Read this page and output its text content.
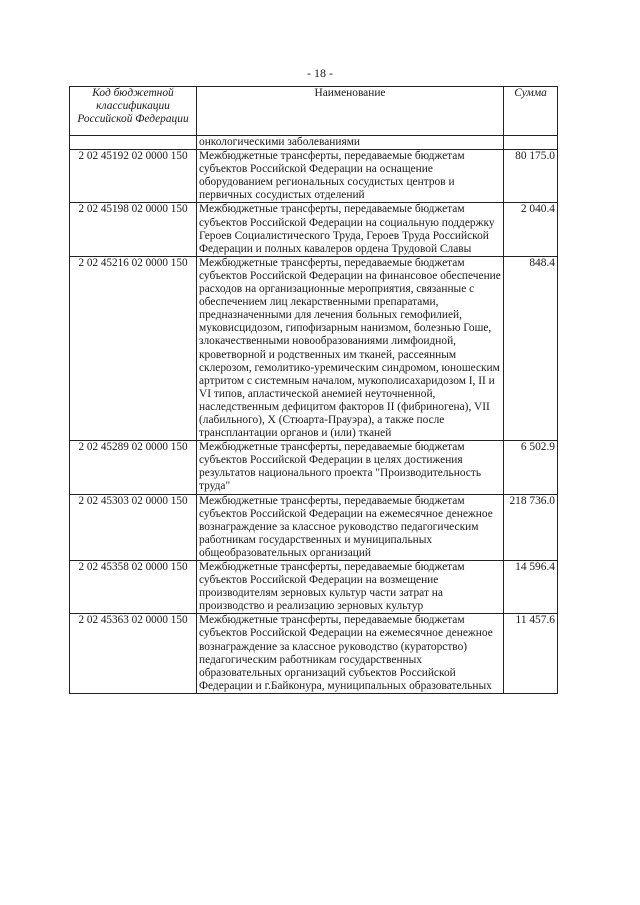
- 18 -
Код бюджетной классификации Российской Федерации	Наименование	Сумма
	онкологическими заболеваниями	
2 02 45192 02 0000 150	Межбюджетные трансферты, передаваемые бюджетам субъектов Российской Федерации на оснащение оборудованием региональных сосудистых центров и первичных сосудистых отделений	80 175.0
2 02 45198 02 0000 150	Межбюджетные трансферты, передаваемые бюджетам субъектов Российской Федерации на социальную поддержку Героев Социалистического Труда, Героев Труда Российской Федерации и полных кавалеров ордена Трудовой Славы	2 040.4
2 02 45216 02 0000 150	Межбюджетные трансферты, передаваемые бюджетам субъектов Российской Федерации на финансовое обеспечение расходов на организационные мероприятия, связанные с обеспечением лиц лекарственными препаратами, предназначенными для лечения больных гемофилией, муковисцидозом, гипофизарным нанизмом, болезнью Гоше, злокачественными новообразованиями лимфоидной, кроветворной и родственных им тканей, рассеянным склерозом, гемолитико-уремическим синдромом, юношеским артритом с системным началом, мукополисахаридозом I, II и VI типов, апластической анемией неуточненной, наследственным дефицитом факторов II (фибриногена), VII (лабильного), X (Стюарта-Прауэра), а также после трансплантации органов и (или) тканей	848.4
2 02 45289 02 0000 150	Межбюджетные трансферты, передаваемые бюджетам субъектов Российской Федерации в целях достижения результатов национального проекта "Производительность труда"	6 502.9
2 02 45303 02 0000 150	Межбюджетные трансферты, передаваемые бюджетам субъектов Российской Федерации на ежемесячное денежное вознаграждение за классное руководство педагогическим работникам государственных и муниципальных общеобразовательных организаций	218 736.0
2 02 45358 02 0000 150	Межбюджетные трансферты, передаваемые бюджетам субъектов Российской Федерации на возмещение производителям зерновых культур части затрат на производство и реализацию зерновых культур	14 596.4
2 02 45363 02 0000 150	Межбюджетные трансферты, передаваемые бюджетам субъектов Российской Федерации на ежемесячное денежное вознаграждение за классное руководство (кураторство) педагогическим работникам государственных образовательных организаций субъектов Российской Федерации и г.Байконура, муниципальных образовательных	11 457.6
